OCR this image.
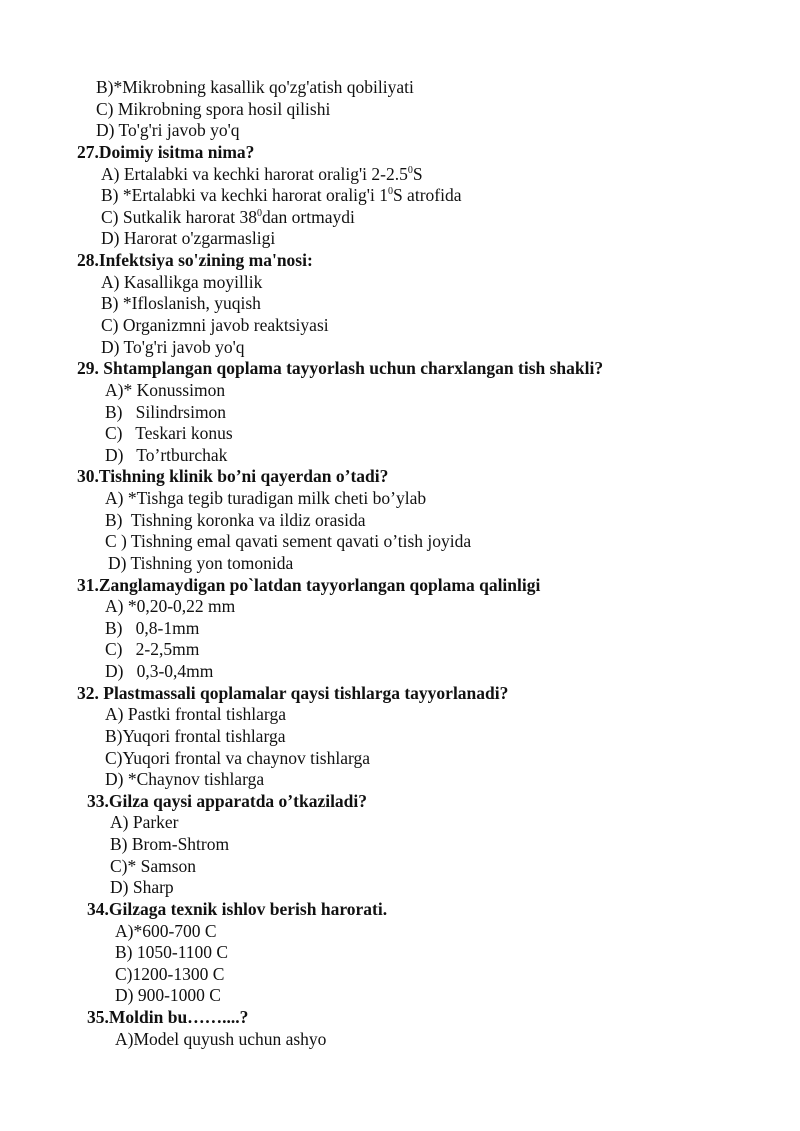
B)*Mikrobning kasallik qo'zg'atish qobiliyati
C) Mikrobning spora hosil qilishi
D) To'g'ri javob yo'q
27.Doimiy isitma nima?
A) Ertalabki va kechki harorat oralig'i $2-2.5^0S$
B) *Ertalabki va kechki harorat oralig'i $1^0S$ atrofida
C) Sutkalik harorat $38^0dan$ ortmaydi
D) Harorat o'zgarmasligi
28.Infektsiya so'zining ma'nosi:
A) Kasallikga moyillik
B) *Ifloslanish, yuqish
C) Organizmni javob reaktsiyasi
D) To'g'ri javob yo'q
29. Shtamplangan qoplama tayyorlash uchun charxlangan tish shakli?
A)* Konussimon
B)   Silindrsimon
C)   Teskari konus
D)   To’rtburchak
30.Tishning klinik bo’ni qayerdan o’tadi?
A) *Tishga tegib turadigan milk cheti bo’ylab
B)  Tishning koronka va ildiz orasida
C ) Tishning emal qavati sement qavati o’tish joyida
D) Tishning yon tomonida
31.Zanglamaydigan po`latdan tayyorlangan qoplama qalinligi
A) *0,20-0,22 mm
B)   0,8-1mm
C)   2-2,5mm
D)   0,3-0,4mm
32. Plastmassali qoplamalar qaysi tishlarga tayyorlanadi?
A) Pastki frontal tishlarga
B)Yuqori frontal tishlarga
C)Yuqori frontal va chaynov tishlarga
D) *Chaynov tishlarga
33.Gilza qaysi apparatda o’tkaziladi?
A) Parker
B) Brom-Shtrom
C)* Samson
D) Sharp
34.Gilzaga texnik ishlov berish harorati.
A)*600-700 C
B) 1050-1100 C
C)1200-1300 C
D) 900-1000 C
35.Moldin bu……....?
A)Model quyush uchun ashyo
